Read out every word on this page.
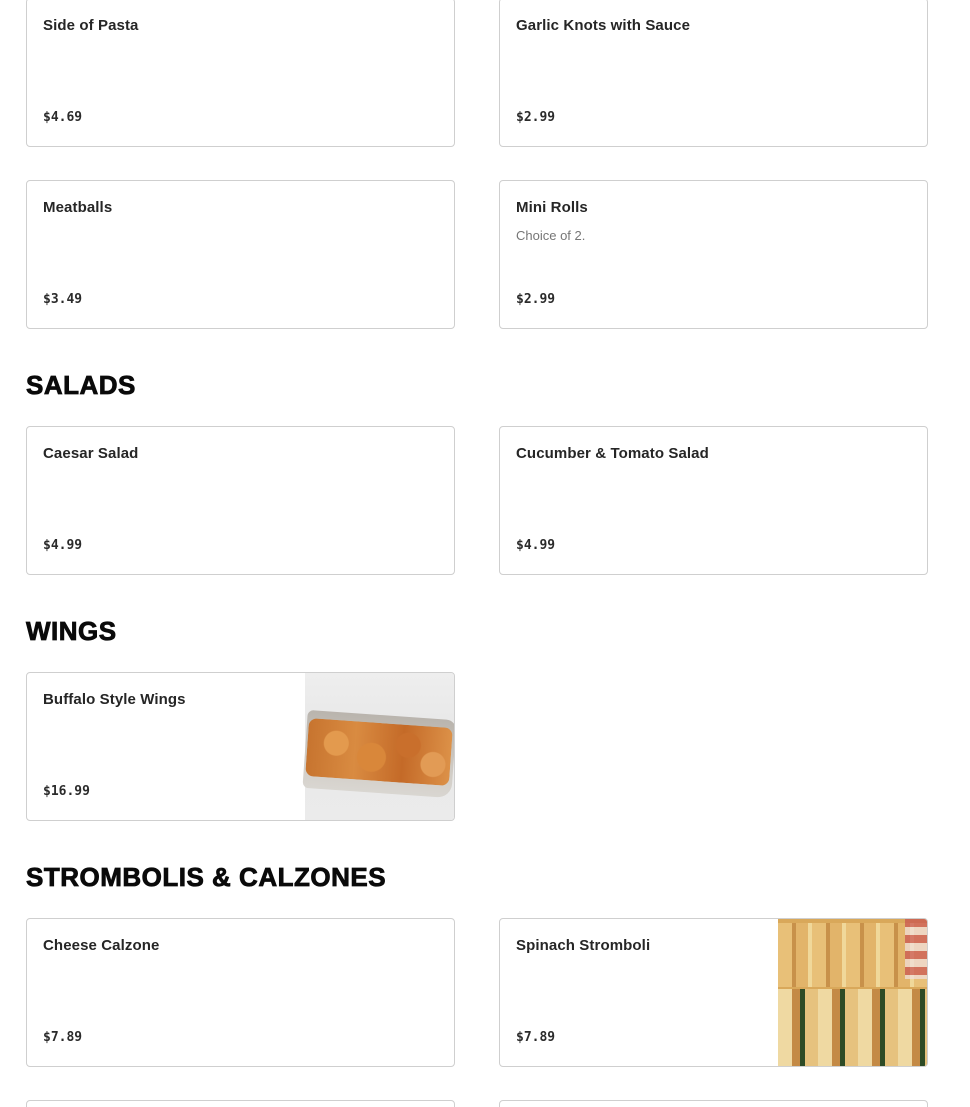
Side of Pasta
$4.69
Garlic Knots with Sauce
$2.99
Meatballs
$3.49
Mini Rolls
Choice of 2.
$2.99
SALADS
Caesar Salad
$4.99
Cucumber & Tomato Salad
$4.99
WINGS
Buffalo Style Wings
$16.99
STROMBOLIS & CALZONES
Cheese Calzone
$7.89
Spinach Stromboli
$7.89
